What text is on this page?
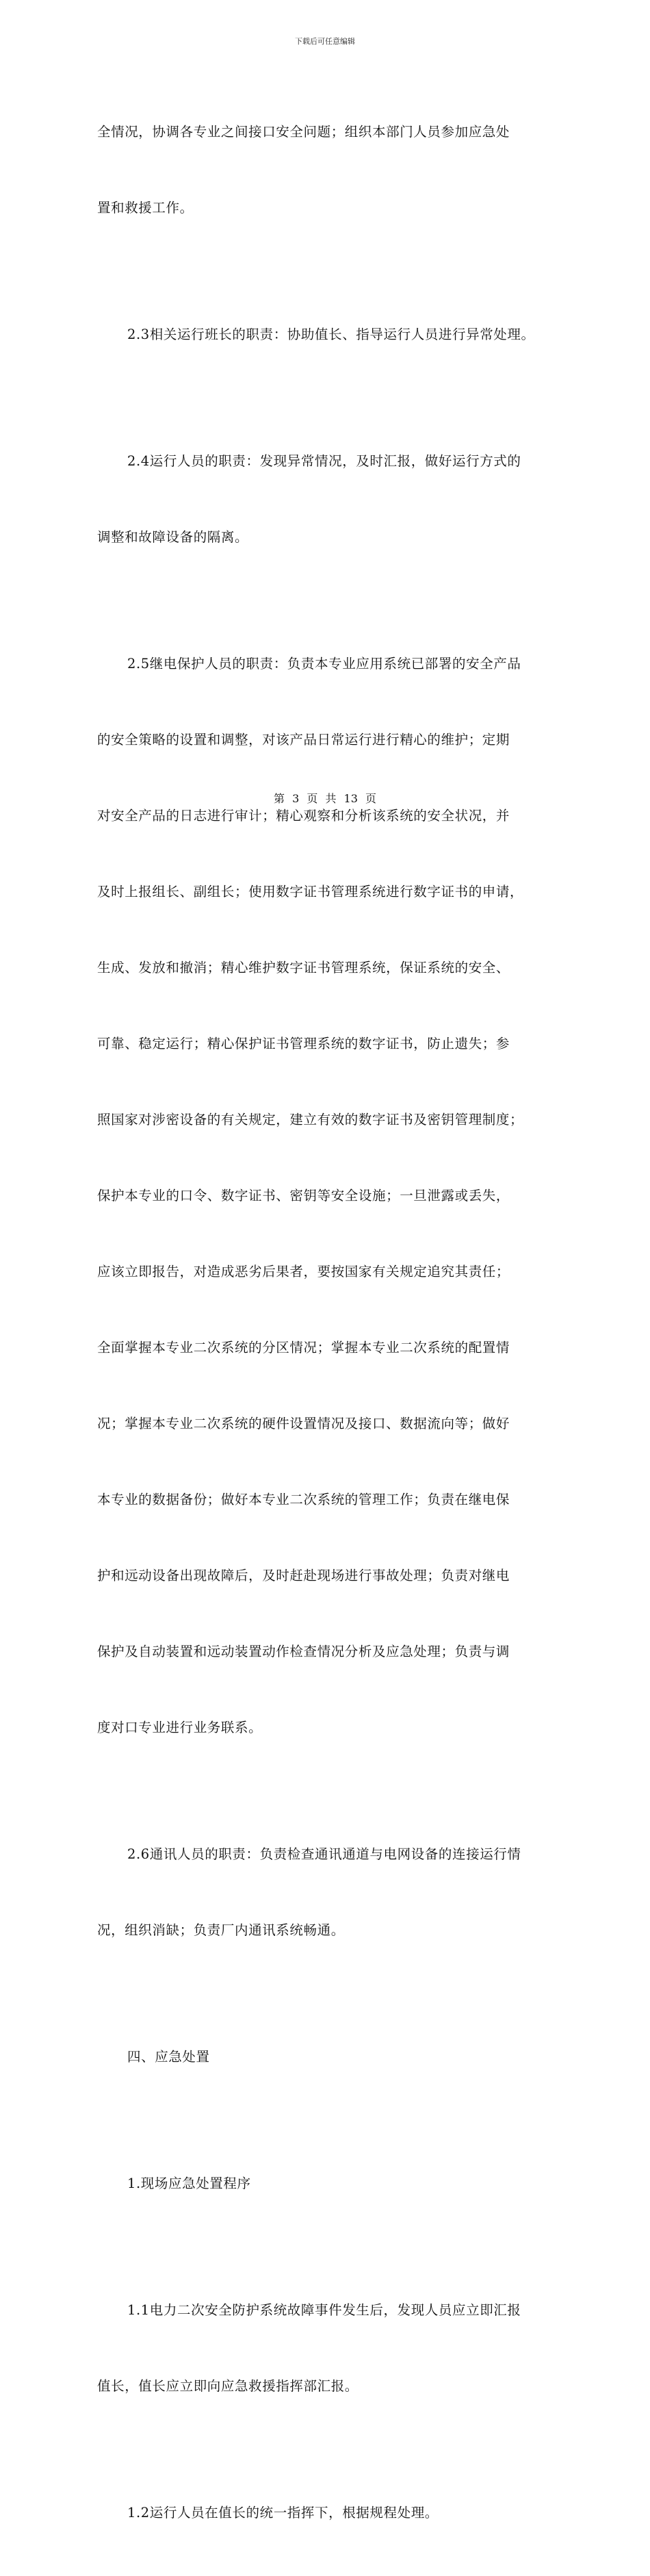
下载后可任意编辑

全情况，协调各专业之间接口安全问题；组织本部门人员参加应急处

置和救援工作。

2.3相关运行班长的职责：协助值长、指导运行人员进行异常处理。

2.4运行人员的职责：发现异常情况，及时汇报，做好运行方式的

调整和故障设备的隔离。

2.5继电保护人员的职责：负责本专业应用系统已部署的安全产品

的安全策略的设置和调整，对该产品日常运行进行精心的维护；定期

对安全产品的日志进行审计；精心观察和分析该系统的安全状况，并

及时上报组长、副组长；使用数字证书管理系统进行数字证书的申请，

生成、发放和撤消；精心维护数字证书管理系统，保证系统的安全、

可靠、稳定运行；精心保护证书管理系统的数字证书，防止遗失；参

照国家对涉密设备的有关规定，建立有效的数字证书及密钥管理制度；

保护本专业的口令、数字证书、密钥等安全设施；一旦泄露或丢失，

应该立即报告，对造成恶劣后果者，要按国家有关规定追究其责任；

全面掌握本专业二次系统的分区情况；掌握本专业二次系统的配置情

况；掌握本专业二次系统的硬件设置情况及接口、数据流向等；做好

本专业的数据备份；做好本专业二次系统的管理工作；负责在继电保

护和远动设备出现故障后，及时赶赴现场进行事故处理；负责对继电

保护及自动装置和远动装置动作检查情况分析及应急处理；负责与调

度对口专业进行业务联系。

2.6通讯人员的职责：负责检查通讯通道与电网设备的连接运行情

况，组织消缺；负责厂内通讯系统畅通。

四、应急处置

1.现场应急处置程序

1.1电力二次安全防护系统故障事件发生后，发现人员应立即汇报

值长，值长应立即向应急救援指挥部汇报。

1.2运行人员在值长的统一指挥下，根据规程处理。

第 3 页 共 13 页
